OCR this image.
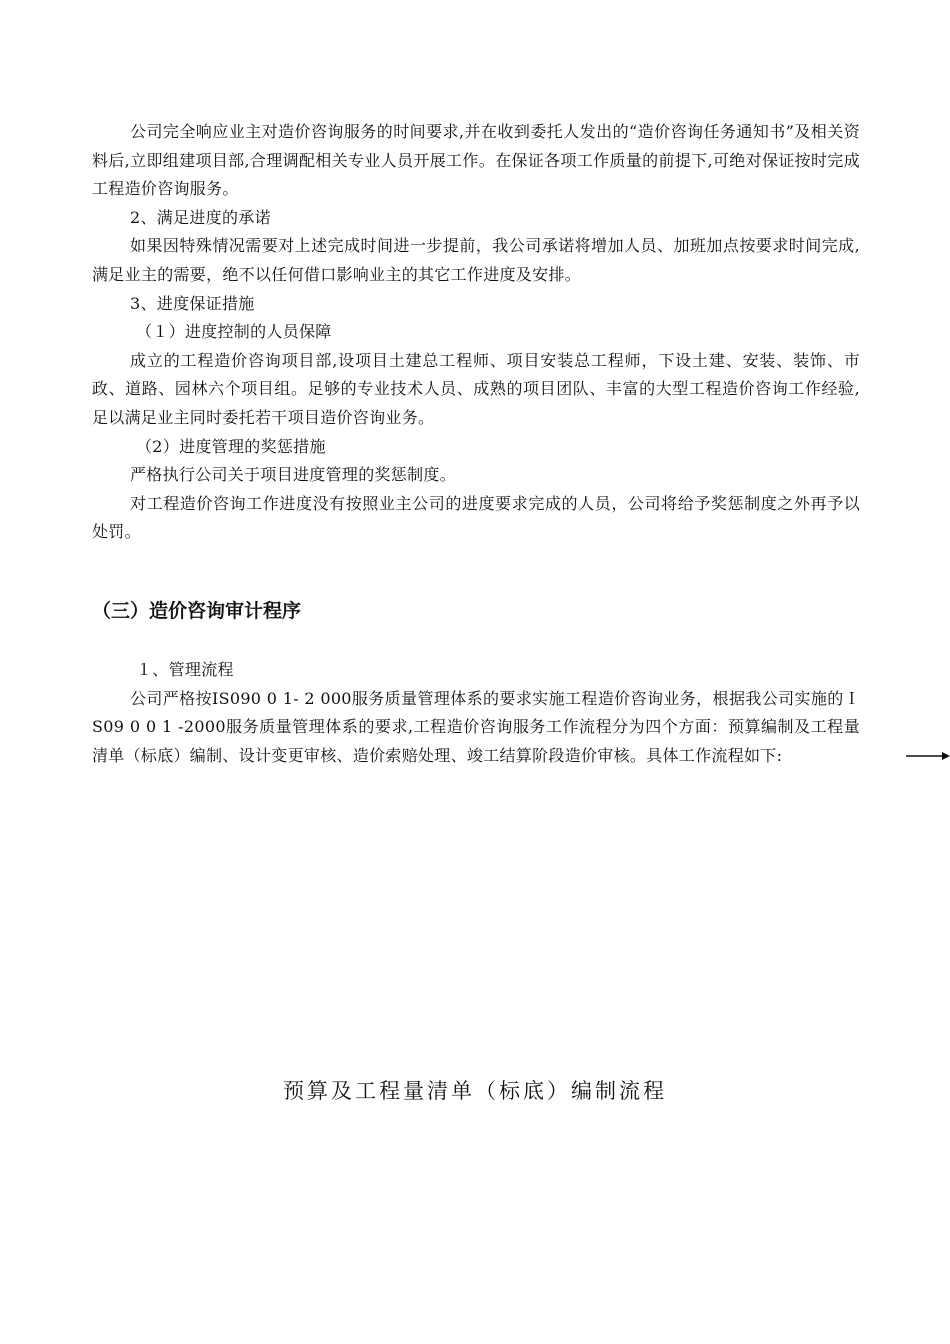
公司完全响应业主对造价咨询服务的时间要求,并在收到委托人发出的“造价咨询任务通知书”及相关资料后,立即组建项目部,合理调配相关专业人员开展工作。在保证各项工作质量的前提下,可绝对保证按时完成工程造价咨询服务。

2、满足进度的承诺

如果因特殊情况需要对上述完成时间进一步提前，我公司承诺将增加人员、加班加点按要求时间完成,满足业主的需要，绝不以任何借口影响业主的其它工作进度及安排。

3、进度保证措施

（１）进度控制的人员保障

成立的工程造价咨询项目部,设项目土建总工程师、项目安装总工程师，下设土建、安装、装饰、市政、道路、园林六个项目组。足够的专业技术人员、成熟的项目团队、丰富的大型工程造价咨询工作经验,足以满足业主同时委托若干项目造价咨询业务。

（2）进度管理的奖惩措施

严格执行公司关于项目进度管理的奖惩制度。

对工程造价咨询工作进度没有按照业主公司的进度要求完成的人员，公司将给予奖惩制度之外再予以处罚。

（三）造价咨询审计程序

１、管理流程

公司严格按IS090 0 1- 2 000服务质量管理体系的要求实施工程造价咨询业务，根据我公司实施的Ｉ S09 0 0 1 -2000服务质量管理体系的要求,工程造价咨询服务工作流程分为四个方面：预算编制及工程量清单（标底）编制、设计变更审核、造价索赔处理、竣工结算阶段造价审核。具体工作流程如下:

预算及工程量清单（标底）编制流程
